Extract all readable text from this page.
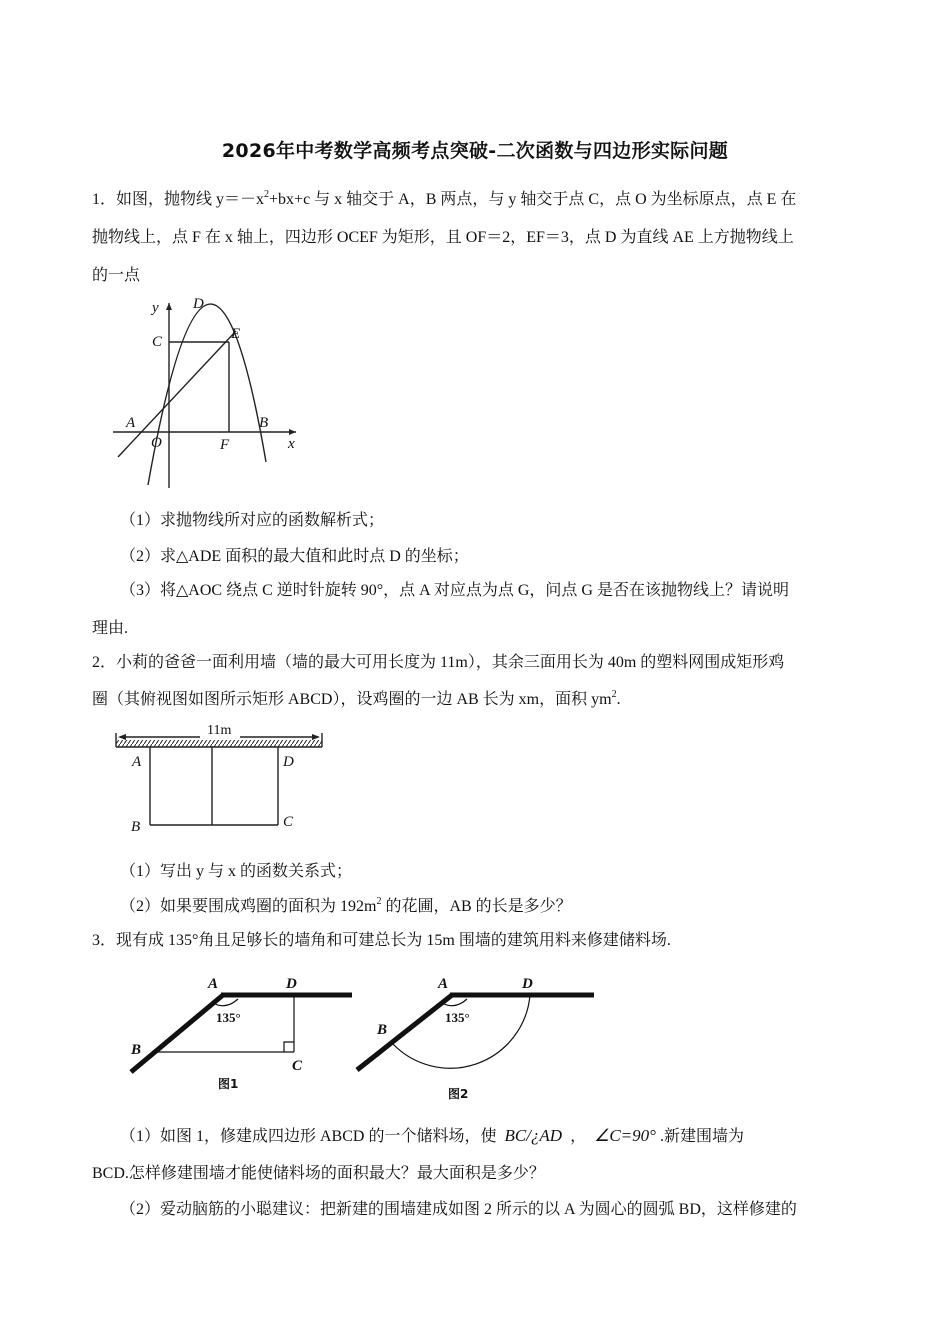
2026年中考数学高频考点突破-二次函数与四边形实际问题
1．如图，抛物线 $y=-x^2+bx+c$ 与 x 轴交于 A，B 两点，与 y 轴交于点 C，点 O 为坐标原点，点 E 在
抛物线上，点 F 在 x 轴上，四边形 OCEF 为矩形，且 OF＝2，EF＝3，点 D 为直线 AE 上方抛物线上
的一点
y D
C	E
A	B
O	F	x
（1）求抛物线所对应的函数解析式；
（2）求△ADE 面积的最大值和此时点 D 的坐标；
（3）将△AOC 绕点 C 逆时针旋转 90°，点 A 对应点为点 G，问点 G 是否在该抛物线上？请说明
理由.
2．小莉的爸爸一面利用墙（墙的最大可用长度为 11m），其余三面用长为 40m 的塑料网围成矩形鸡
圈（其俯视图如图所示矩形 ABCD），设鸡圈的一边 AB 长为 xm，面积 $ym^2$.
11m
A	D
B	C
（1）写出 y 与 x 的函数关系式；
（2）如果要围成鸡圈的面积为 $192m^2$ 的花圃，AB 的长是多少？
3．现有成 135°角且足够长的墙角和可建总长为 15m 围墙的建筑用料来修建储料场.
A	D
B
C
135°
图1
A	D
B
135°
图2
（1）如图 1，修建成四边形 ABCD 的一个储料场，使 BC/¿AD ， ∠C=90° .新建围墙为
BCD.怎样修建围墙才能使储料场的面积最大？最大面积是多少？
（2）爱动脑筋的小聪建议：把新建的围墙建成如图 2 所示的以 A 为圆心的圆弧 BD，这样修建的
